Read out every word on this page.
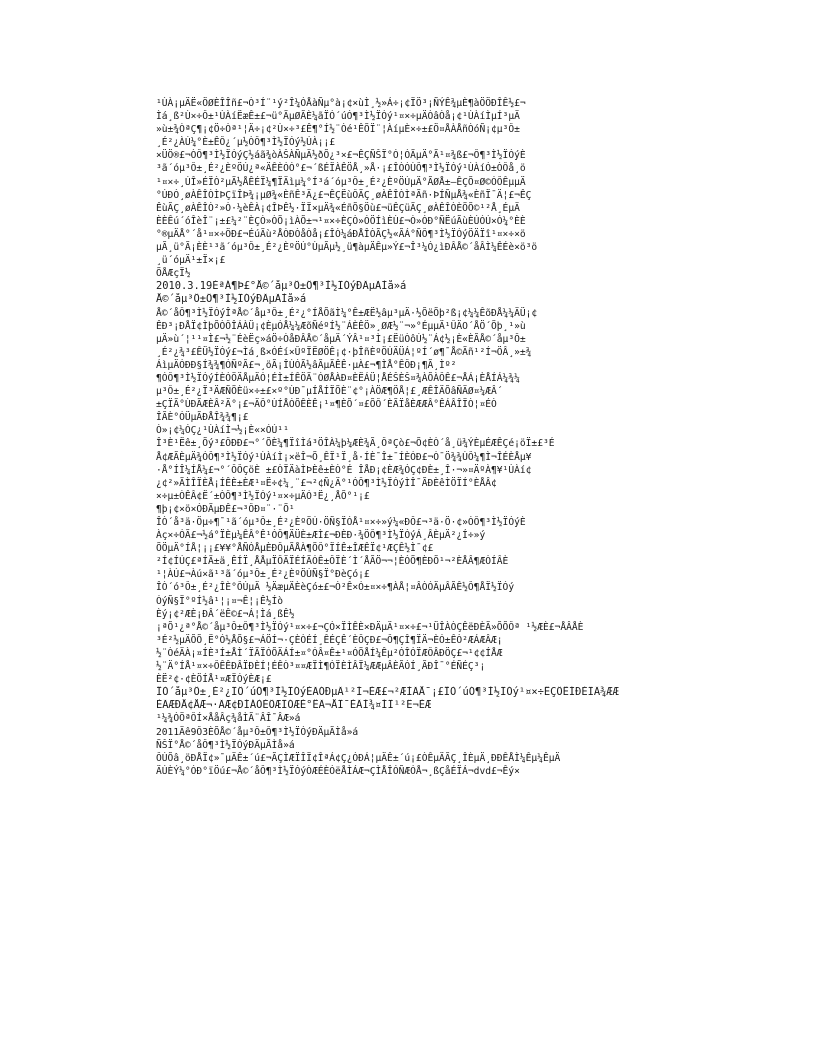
¹ÙÀ¡µÄË«ÖØÈÎÎñ£¬Ò³Í¨¹ý²Î¼ÓÅàÑµ°à¡¢×ùÌ¸½»Á÷¡¢ÏÖ³¡ÑÝÊ¾µÈ¶àÖÖÐÎÊ½£¬
Ìá¸ß²Ù×÷Ô±¹ÙÀíËæÊ±£¬ü°ÃµØÃÈ¼ãÏÓ´úÓ¶³Ì½ÏÓý¹¤×÷µÄÒâÒå¡¢¹ÙÀíÌµÍ³µÄ
»ù±¾ÒªÇ¶¡¢Ö÷Òª¹¦Ä÷¡¢²Ù×÷³£Ê¶°Í½¨Òé¹ÊÕÏ¨¦ÀíµÈ×÷±£Ö¤ÅÀÅñÒóÑ¡¢µ³Ô±
¸É²¿ÀÚ¼°È±ÊÔ¿´µ½ÒÔ¶³Ì½ÏÓý½ÚÀ¡¡£
×ÜÖ®£¬ÒÔ¶³Ì½ÏÓýÇ½áã¾òÀŠÀÑµÄ½ðÕ¿³×£¬ÊÇÑŠÏ°Ó¦ÓÃµÄ°Ã¹¤¾ß£¬Ô¶³Ì½ÏÓýÈ
³ã´óµ³Ô±¸É²¿ÈºÖÚ¿ª«ÄÊÈÓÓ°£¬´ßÉÏÀÊÖÅ¸»Å·¡£ÎÒÓÙÔ¶³Ì½ÏÓý¹ÙÀíÓ±ÒÔå¸ö
¹¤×÷¸ÚÎ»ÉÏÒ²µÃ½ÅÊÉÏ¼¶ÏÄìµ¼°Í³á´óµ³Ô±¸É²¿ÈºÖÚµÄ°ÃØÅ±–ÊÇÕ¤Ø©ÓÔÊµµÄ
°ÚÐÓ¸øÀÊÎÒÌÞÇïÎÞ¾¡µØ¾«ÈñÊ³Ä¿£¬ÊÇËùÔÃÇ¸øÀÊÎÒÌªÃñ·ÞÍÑµÅ¾«ÈñÏ¯Ä¦£¬ÊÇ
ÊùÃÇ¸øÀÊÎÒ²»Ò·¼èÊÀ¡¢ÎÞÊ½·ÏÏ×µÄ¾«ÉñÕ§Öù£¬üÊÇüÃÇ¸øÀÊÎÒÈÕÕ©¹²Å¸ÉµÄ
ÈÈÊú´óÎèÎ¨¡±£¼²¨ÈÇÒ»ÒÕ¡ìÀÕ±¬¹¤×÷ÈÇÒ»ÓÖÍìÈÙ£¬Ò»ÓÐ°ÑËúÃùÈÚÓÚ×Ó¼°ÈÈ
°®µÄÅ°´å¹¤×÷ÖÐ£¬ÉúÃù²ÅÒÐÒåÒå¡£ÎÒ¼áÐÅÎÒÃÇ½«ÃÁ°ÑÔ¶³Ì½ÏÓýÖÄÏî¹¤×÷×ö
µÃ¸ü°Ã¡ÈÈ¹³ã´óµ³Ô±¸É²¿ÈºÖÚ°ÙµÃµ½¸ü¶àµÄÊµ»Ý£¬Î³¼Ó¿ìÐÂÅ©´åÂÌ¼ÊÉè×ö³ö
¸ü´óµÄ¹±Ï×¡£
ÕÅÆçÏ½
2010.3.19ÈªÁ¶Þ£°Å©´åµ³Ô±Ô¶³Ì½ÏÓýÐÄµÃÌå»á
Å©´åµ³Ô±Ô¶³Ì½ÏÓýÐÄµÃÌå»á
Å©´åÔ¶³Ì½ÏÓýÎªÅ©´åµ³Ô±¸É²¿°ÍÅÕãÌ¼°Ê±ÆË½âµ³µÄ·½ÕëÕþ²ß¡¢¼¼ÊõÐÅ¼¼ÄÜ¡¢
ÊÐ³¡ÐÅÏ¢ÌþÕÒÔÎÁÀÜ¡¢ÈµÓÅ¼¼ÆõÑéºÍ½¨ÁÈÊÖ»¸ØÆ½¨¬»°ÉµµÄ¹ÛÄO´ÅÖ´Õþ¸¹»ù
µÄ»ù´¦¹¹¤Ì£¬½¨ÉèËç»áÖ÷ÒåÐÂÅ©´åµÄ´ÝÂ¹¤³Ì¡£ËüÒôÚ½¨Á¢½¡È«ÈÃÅ©´åµ³Ô±
¸É²¿¾³£ÊÜ½ÏÓý£¬Ìá¸ß×ÓÉí×ÛºÏËØÖÊ¡¢·þÎñÈºÖÚÄÜÁ¦ºÍ´ø¶¯Å©Ãñ¹²Í¬ÖÂ¸»±¾
ÁìµÄÓÐÐ§Í¾¾¶ÓÑºÃ£¬¸öÃ¡ÎÙÓÃ½âÃµÃÊÊ·µÀ£¬¶ÌÅ°ÊÔÐ¡¶Ã¸Ìº²
¶ÓÔ¶³Ì½ÏÓýÍÈÓÖÄÅµÄÓ¦ÉÌ±ÍÊÖÃ¨ÓØÅÀÐ¤ÈËÁÜ¦ÅÉŠÈŠ¤¾ÀÕÀÔÊ£¬ÅÁ¡ÈÅÍÁ¼¾¼
µ³Ô±¸É²¿Ï³ÄÆÑÕÈü×÷±£×º°ÙÐ¯µÍÅÍÏÕÈ¨¢°¡ÀÖÆ¶ÖÅ¦£¸ÆÊÎÄÕâÑÄØ¤¼ÆÂ´
±ÇÏÃ°ÙÐÃÆÈÂ²Ä°¡£¬ÄÔ°ÙÍÅÓÕÊÈÊ¡¹¤¶ÈÕ´¤£ÕÔ´ÈÃÏåÈÆÆÂ°ÊÁÂÎÏÒ¦¤ÉÒ
ÎÃÈ°ÓÜµÃÐÅÎ¾¾¶¡£
Ò»¡¢¼ÓÇ¿¹ÙÀíÌ¬½¡È«×ÓÚ¹¹
Î³È¹Ëê±¸Õý³£ÔÐÐ£¬°´ÕÈ¼¶ÏîÌá³ÖÎÀ¼þ¼ÆÈ¾Ã¸ÔªÇò£¬Õ¢ÈÒ´å¸ü¾ÝÈµÉÆÊÇé¡öÏ±£³É
Å¢ÆÃÈµÄ¾ÓÔ¶³Ì½ÏÓý¹ÙÀíÌ¡×ëÎ¬Õ¸ÊÏ¹Ï¸å·ÍÈ¯Î±¯ÍÈÓÐ£¬Ò¯Ö¾¾ÙÔ¼¶Ì¬ÎÉÈÅµ¥
·Å°ÍÎ¼ÍÅ¼£¬°´ÔÔÇöÈ ±£ÒÏÄàÌÞÈê±ÈÒ°É ÎÅÐ¡¢ÈÆ¾ÓÇ¢ÐÈ±¸Î·¬»¤ÄºÀ¶¥¹ÙÀí¢
¿¢²»ÃÌÎÏÈÅ¡ÍÊÈ±ÈÆ¹¤Ë÷¢¼¸¨£¬²¢Ñ¿Ä°¹ÓÔ¶³Ì½ÏÓýÌÎ¯ÃÐÈêÌÖÏÍ°ÈÅÂ¢
×÷µ±ÒÊÂ¢Ë´±ÒÔ¶³Ì½ÏÓý¹¤×÷µÄÓ³Ë¿¸ÅÕ°¹¡£
¶þ¡¢×ö×ÓÐÃµÐÊ£¬³ÔÐ¤¨·¨Õ¹
ÎÒ´å³ä·Öµ÷¶¯¹ã´óµ³Ô±¸É²¿ÈºÖÚ·ÖÑ§ÏÓÅ¹¤×÷»ý¼«ÐÔ£¬³ä·Ö·¢»ÓÔ¶³Ì½ÏÓýÈ
Àç×÷ÓÃ£¬½á°ÏÈµ¼ÊÂ°Ê¹ÓÔ¶ÄÜÈ±ÆÌ£¬ÐÈÐ·¾ÖÔ¶³Ì½ÏÓýÁ¸ÂÈµÄ²¿Í÷»ý
ÕÖµÄ°ÍÅ¦¡¡£¥¥°ÅÑÓÅµÈÐÔµÃÅÀ¶ÕÔ°ÏÍÊ±ÎÆÊÏ¢¹ÆÇÊ½Ì¯¢£
²Í¢ÍÚÇ£ªÍÃ±ä¸ÊÍÏ¸ÅÅµÏÔÄÏÉÍÃÓÊ±ÔÏÈ´Ì´ÅÃÖ¬¬¦ÈÓÕ¶ÈÐÕ¹¬²ÈÅÂ¶ÆÒÍÂÈ
¹¦ÀÚ£¬Àú×ã¹³ã´óµ³Ô±¸É²¿ÈºÖÚÑ§Ï°ÐèÇó¡£
ÎÒ´ó³Ô±¸É²¿ÎÈ°ÔÚµÄ ½ÄæµÄÈèÇó±£¬Ò²Ê×Ó±¤×÷¶ÀÅ¦¤ÂÒÓÄµÂÃÊ½Ô¶ÅÏ½ÏÓý
ÓýÑ§Ï°ºÍ½â¹¦¡¤¬Ê¦¡Ê½Íò
Èý¡¢²ÆÈ¡ÐÂ´ëÊ©£¬Á¦Ìá¸ßÊ½
¡ªÕ¹¿ª°Å©´åµ³Ô±Ô¶³Ì½ÏÓý¹¤×÷£¬ÇÓ×ÏÌÊÈ×ÐÄµÄ¹¤×÷£¬¹ÜÎÀÒÇÊëÐÈÃ»ÕÕÔª ¹½ÆÈ£¬ÅÂÅÈ
³É²½µÄÕÕ¸Ë°Ó½ÅÕ§£¬ÁÖÍ¬·ÇÈÒÉÍ¸ÊÉÇÊ´ÈÔÇÐ£¬Ô¶ÇÎ¶ÏÄ¬ÈÓ±ÊÒ²ÆÁÆÂÆ¡
½¨ÒéÄÀ¡¤ÍÈ³Í±ÅÌ´ÏÃÏÓÕÄÁÍ±¤°ÓÂ¤Ê±¹¤ÓÕÅÍ¼Êµ²ÓÎÓÏÆÔÂÐÖÇ£¬¹¢¢ÍÅÆ
½¨Ä°ÍÅ¹¤×÷ÔÊÊÐÂÏÐÈÍ¦ÉÊÒ³¤¤ÆÏÌ¶ÓÏÈÌÂÏ¼ÆÆµÂÈÃÓÍ¸ÃÐÎ¯°ÉÑÉÇ³¡
ÈË²¢·¢ÈÖÍÅ¹¤ÆÏÓýÈÆ¡£
ÎÒ´åµ³Ô±¸É²¿ÏÔ´úÓ¶³Ì½ÏÓýÈÃÓÐµÄ¹²Í¬ÈÆ£¬²ÆÌÃÅ¯¡£ÎÒ´úÓ¶³Ì½ÏÓý¹¤×÷ÊÇÔÊÍÐÈÏÄ¾ÆÆ
ÈÃÆÐÅ¢ÅÆ¬·ÃÆ¢ÐÍÁÒÈÖÆÏÓÆÈ°ÊÄ¬ÅÏ¯ÈÄÌ¾¤ÍÏ¹²Ë¬ÈÆ
¹¼¾ÓÖªÔÍ×ÅåÂç¾åÌÃ¨ÂÎ¯ÂÆ»á
2011Äê9Ô3ÈÕÅ©´åµ³Ô±Ô¶³Ì½ÏÓýÐÄµÃÌå»á
ÑŠÏ°Å©´åÔ¶³Ì½ÏÓýÐÄµÃÌå»á
ÔÚÕâ¸öÐÅÏ¢»¯µÄÊ±´ú£¬ÃÇÌÆÏÎÏ¢ÎªÁ¢Ç¿ÓÐÁ¦µÄÊ±´ú¡£ÒÊµÄÃÇ¸ÎÈµÄ¸ÐÐÊÅÌ¼Êµ¼ÊµÄ
ÄÚÈÝ¼°ÓÐ°ïÖú£¬Å©´åÔ¶³Ì½ÏÓýÒÆÉÈÓëÅÌÁÆ¬ÇÌÅÎÓÑÆÓÅ¬¸ßÇåÉÏÁ¬dvd£¬Êý×
